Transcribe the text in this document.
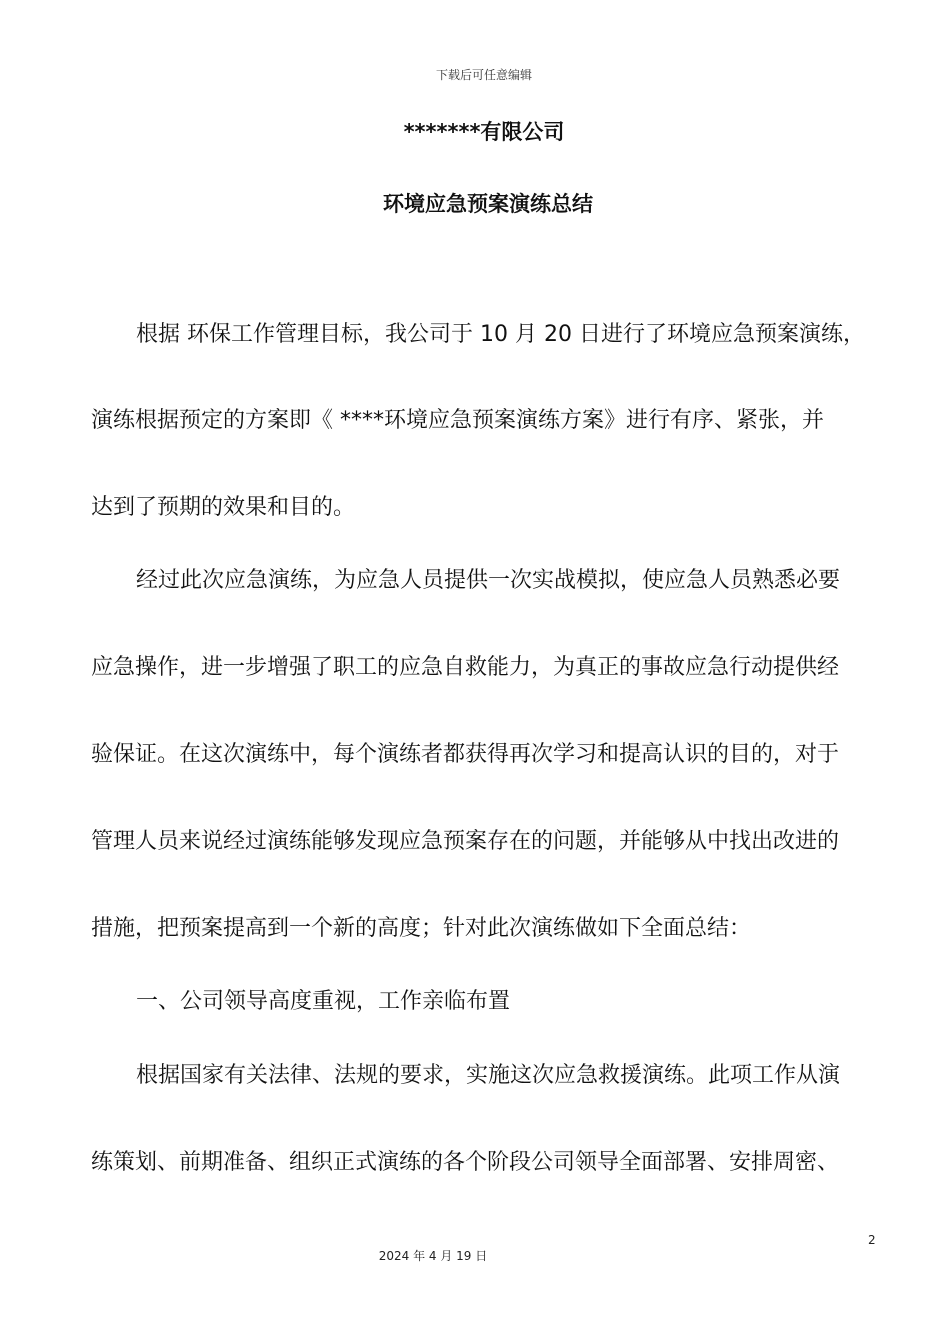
下载后可任意编辑
*******有限公司
环境应急预案演练总结
根据 环保工作管理目标，我公司于 10 月 20 日进行了环境应急预案演练，
演练根据预定的方案即《 ****环境应急预案演练方案》进行有序、紧张，并
达到了预期的效果和目的。
经过此次应急演练，为应急人员提供一次实战模拟，使应急人员熟悉必要
应急操作，进一步增强了职工的应急自救能力，为真正的事故应急行动提供经
验保证。在这次演练中，每个演练者都获得再次学习和提高认识的目的，对于
管理人员来说经过演练能够发现应急预案存在的问题，并能够从中找出改进的
措施，把预案提高到一个新的高度；针对此次演练做如下全面总结：
一、公司领导高度重视，工作亲临布置
根据国家有关法律、法规的要求，实施这次应急救援演练。此项工作从演
练策划、前期准备、组织正式演练的各个阶段公司领导全面部署、安排周密、
2
2024 年 4 月 19 日
